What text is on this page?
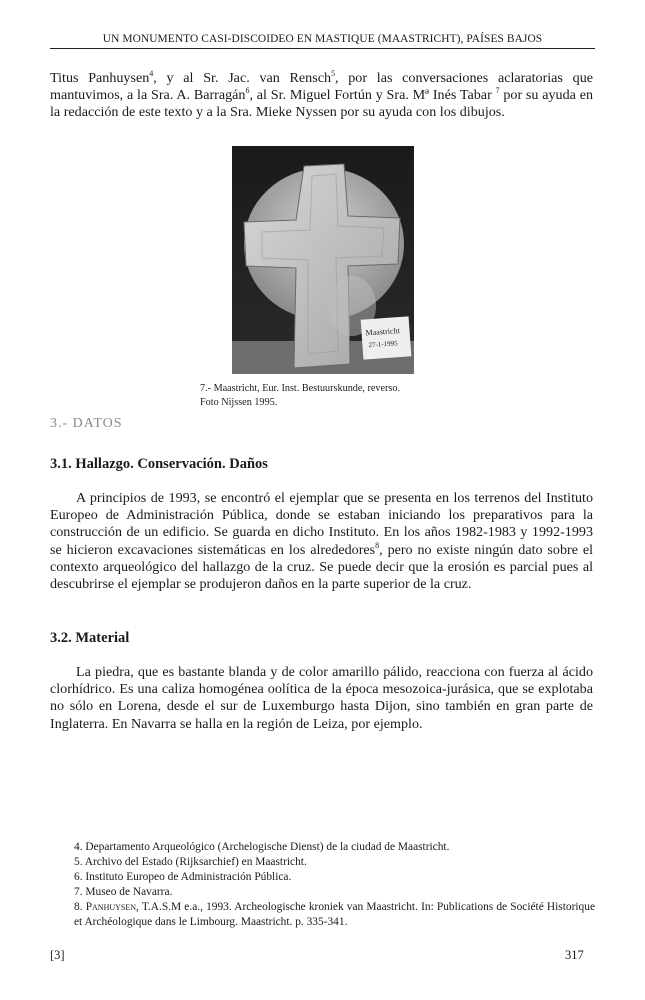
UN MONUMENTO CASI-DISCOIDEO EN MASTIQUE (MAASTRICHT), PAÍSES BAJOS

Titus Panhuysen$^4$, y al Sr. Jac. van Rensch$^5$, por las conversaciones aclaratorias que mantuvimos, a la Sra. A. Barragán$^6$, al Sr. Miguel Fortún y Sra. Mª Inés Tabar $^7$ por su ayuda en la redacción de este texto y a la Sra. Mieke Nyssen por su ayuda con los dibujos.

Maastricht
27-1-1995
7.- Maastricht, Eur. Inst. Bestuurskunde, reverso.
Foto Nijssen 1995.
3.- DATOS
3.1. Hallazgo. Conservación. Daños

A principios de 1993, se encontró el ejemplar que se presenta en los terrenos del Instituto Europeo de Administración Pública, donde se estaban iniciando los preparativos para la construcción de un edificio. Se guarda en dicho Instituto. En los años 1982-1983 y 1992-1993 se hicieron excavaciones sistemáticas en los alrededores$^8$, pero no existe ningún dato sobre el contexto arqueológico del hallazgo de la cruz. Se puede decir que la erosión es parcial pues al descubrirse el ejemplar se produjeron daños en la parte superior de la cruz.

3.2. Material

La piedra, que es bastante blanda y de color amarillo pálido, reacciona con fuerza al ácido clorhídrico. Es una caliza homogénea oolítica de la época mesozoica-jurásica, que se explotaba no sólo en Lorena, desde el sur de Luxemburgo hasta Dijon, sino también en gran parte de Inglaterra. En Navarra se halla en la región de Leiza, por ejemplo.

4. Departamento Arqueológico (Archelogische Dienst) de la ciudad de Maastricht.

5. Archivo del Estado (Rijksarchief) en Maastricht.

6. Instituto Europeo de Administración Pública.

7. Museo de Navarra.

8. Panhuysen, T.A.S.M e.a., 1993. Archeologische kroniek van Maastricht. In: Publications de Société Historique et Archéologique dans le Limbourg. Maastricht. p. 335-341.

[3]	317
